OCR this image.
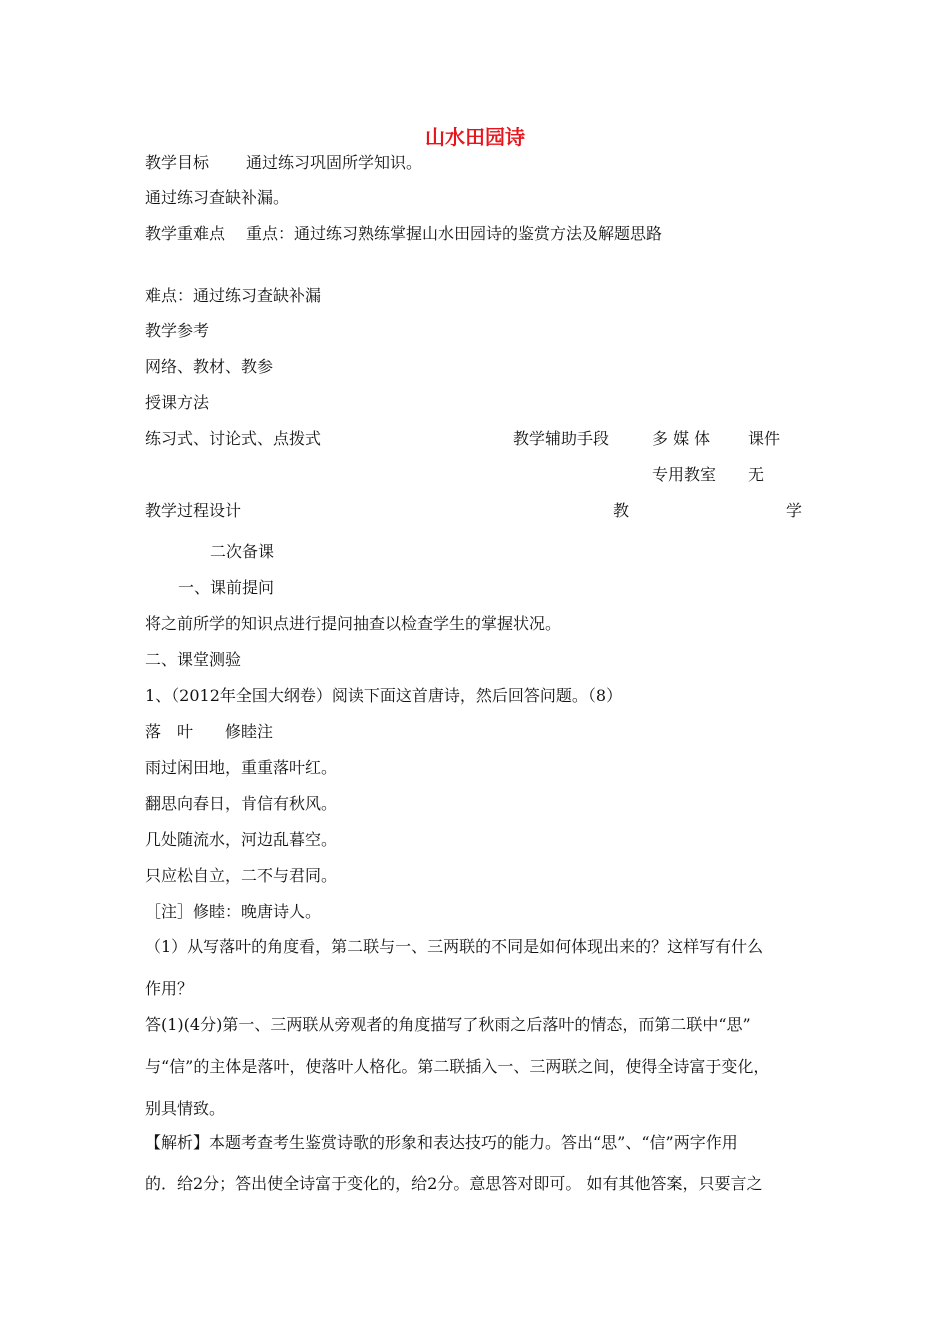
山水田园诗
教学目标 通过练习巩固所学知识。
通过练习查缺补漏。
教学重难点 重点：通过练习熟练掌握山水田园诗的鉴赏方法及解题思路
难点：通过练习查缺补漏
教学参考
网络、教材、教参
授课方法
练习式、讨论式、点拨式	教学辅助手段	多 媒 体 课件
专用教室 无
教学过程设计	教	学
二次备课
一、课前提问
将之前所学的知识点进行提问抽查以检查学生的掌握状况。
二、课堂测验
1、（2012年全国大纲卷）阅读下面这首唐诗，然后回答问题。（8）
落　叶　　修睦注
雨过闲田地，重重落叶红。
翻思向春日，肯信有秋风。
几处随流水，河边乱暮空。
只应松自立，二不与君同。
［注］修睦：晚唐诗人。
（1）从写落叶的角度看，第二联与一、三两联的不同是如何体现出来的？这样写有什么
作用？
答(1)(4分)第一、三两联从旁观者的角度描写了秋雨之后落叶的情态，而第二联中“思”
与“信”的主体是落叶，使落叶人格化。第二联插入一、三两联之间，使得全诗富于变化，
别具情致。
【解析】本题考查考生鉴赏诗歌的形象和表达技巧的能力。答出“思”、“信”两字作用
的．给2分；答出使全诗富于变化的，给2分。意思答对即可。 如有其他答案，只要言之
